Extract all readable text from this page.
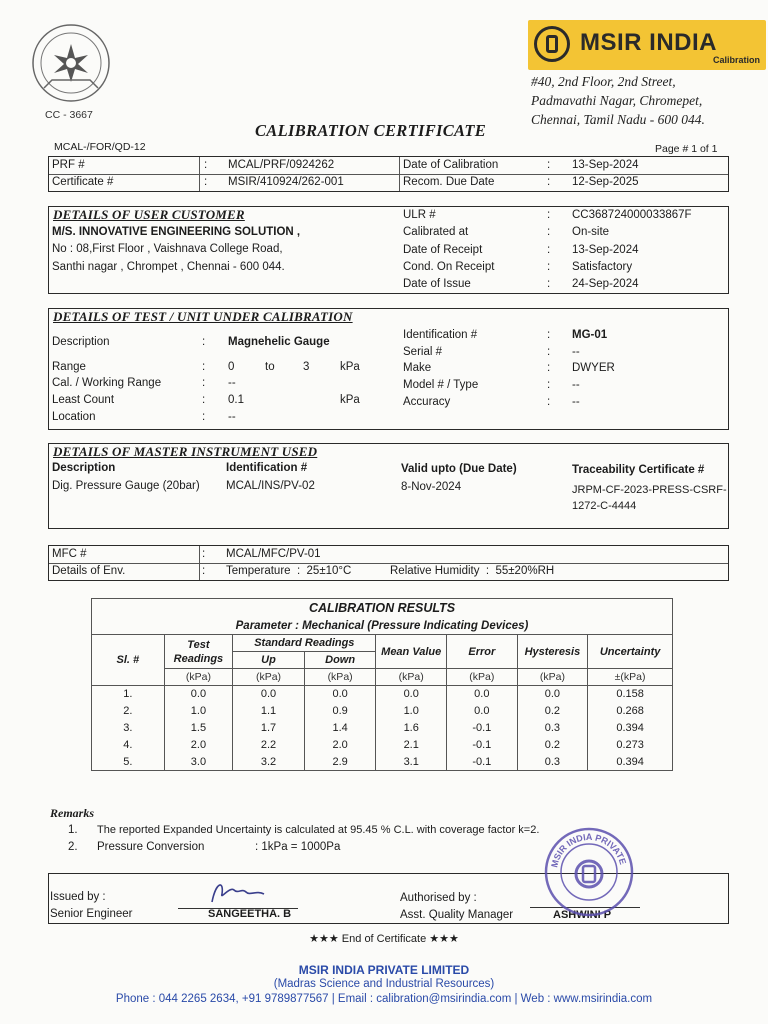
CC - 3667
MSIR INDIA
Calibration
#40, 2nd Floor, 2nd Street,
Padmavathi Nagar, Chromepet,
Chennai, Tamil Nadu - 600 044.
CALIBRATION CERTIFICATE
MCAL-/FOR/QD-12	Page # 1 of 1
PRF #	: MCAL/PRF/0924262	Date of Calibration	: 13-Sep-2024
Certificate #	: MSIR/410924/262-001	Recom. Due Date	: 12-Sep-2025
DETAILS OF USER CUSTOMER
M/S. INNOVATIVE ENGINEERING SOLUTION ,
No : 08,First Floor , Vaishnava College Road,
Santhi nagar , Chrompet , Chennai - 600 044.
ULR #	: CC368724000033867F
Calibrated at	: On-site
Date of Receipt	: 13-Sep-2024
Cond. On Receipt	: Satisfactory
Date of Issue	: 24-Sep-2024
DETAILS OF TEST / UNIT UNDER CALIBRATION
Description	: Magnehelic Gauge
Range	: 0	to 3	kPa
Cal. / Working Range	: --
Least Count	: 0.1	kPa
Location	: --
Identification #	: MG-01
Serial #	: --
Make	: DWYER
Model # / Type	: --
Accuracy	: --
DETAILS OF MASTER INSTRUMENT USED
Description	Identification #	Valid upto (Due Date)	Traceability Certificate #
Dig. Pressure Gauge (20bar) MCAL/INS/PV-02	8-Nov-2024	JRPM-CF-2023-PRESS-CSRF-
1272-C-4444
MFC #	: MCAL/MFC/PV-01
Details of Env.	: Temperature  :  25±10°C	Relative Humidity  :  55±20%RH
CALIBRATION RESULTS							
Parameter : Mechanical (Pressure Indicating Devices)							
Sl. #	Test Readings	Standard Readings		Mean Value	Error	Hysteresis	Uncertainty
		Up	Down				
	(kPa)	(kPa)	(kPa)	(kPa)	(kPa)	(kPa)	±(kPa)
1.	0.0	0.0	0.0	0.0	0.0	0.0	0.158
2.	1.0	1.1	0.9	1.0	0.0	0.2	0.268
3.	1.5	1.7	1.4	1.6	-0.1	0.3	0.394
4.	2.0	2.2	2.0	2.1	-0.1	0.2	0.273
5.	3.0	3.2	2.9	3.1	-0.1	0.3	0.394
Remarks
1. The reported Expanded Uncertainty is calculated at 95.45 % C.L. with coverage factor k=2.
2. Pressure Conversion	: 1kPa = 1000Pa
Issued by :
Senior Engineer	SANGEETHA. B
Authorised by :
Asst. Quality Manager	ASHWINI P
MSIR INDIA PRIVATE
★★★ End of Certificate ★★★
MSIR INDIA PRIVATE LIMITED
(Madras Science and Industrial Resources)
Phone : 044 2265 2634, +91 9789877567 | Email : calibration@msirindia.com | Web : www.msirindia.com
